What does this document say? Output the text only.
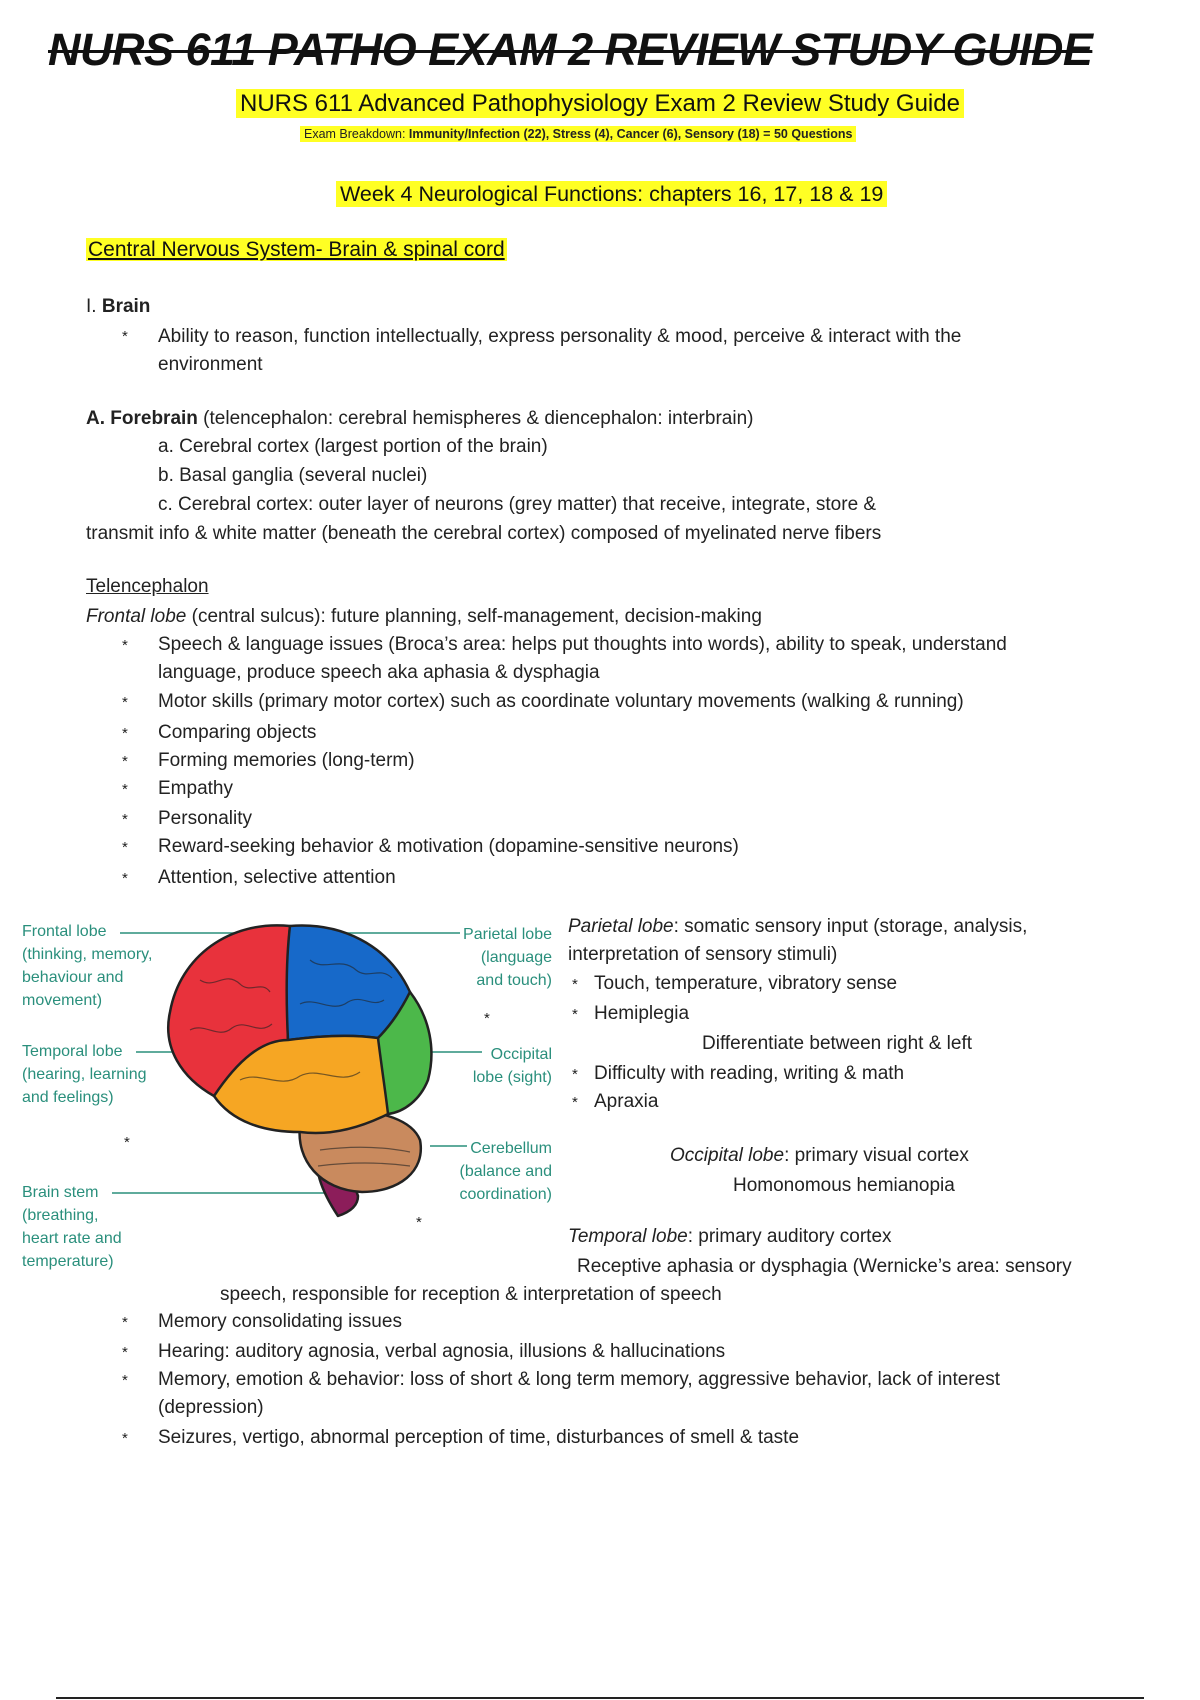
NURS 611 PATHO EXAM 2 REVIEW STUDY GUIDE
NURS 611 Advanced Pathophysiology Exam 2 Review Study Guide
Exam Breakdown: Immunity/Infection (22), Stress (4), Cancer (6), Sensory (18) = 50 Questions
Week 4 Neurological Functions: chapters 16, 17, 18 & 19
Central Nervous System- Brain & spinal cord
I. Brain
* Ability to reason, function intellectually, express personality & mood, perceive & interact with the
environment
A. Forebrain (telencephalon: cerebral hemispheres & diencephalon: interbrain)
a. Cerebral cortex (largest portion of the brain)
b. Basal ganglia (several nuclei)
c. Cerebral cortex: outer layer of neurons (grey matter) that receive, integrate, store &
transmit info & white matter (beneath the cerebral cortex) composed of myelinated nerve fibers
Telencephalon
Frontal lobe (central sulcus): future planning, self-management, decision-making
* Speech & language issues (Broca’s area: helps put thoughts into words), ability to speak, understand
language, produce speech aka aphasia & dysphagia
* Motor skills (primary motor cortex) such as coordinate voluntary movements (walking & running)
* Comparing objects
* Forming memories (long-term)
* Empathy
* Personality
* Reward-seeking behavior & motivation (dopamine-sensitive neurons)
* Attention, selective attention
Frontal lobe
(thinking, memory,
behaviour and
movement)
Temporal lobe
(hearing, learning
and feelings)
*
Brain stem
(breathing,
heart rate and
temperature)
Parietal lobe
(language
and touch)
*
Occipital
lobe (sight)
Cerebellum
(balance and
coordination)
*
Parietal lobe: somatic sensory input (storage, analysis,
interpretation of sensory stimuli)
* Touch, temperature, vibratory sense
* Hemiplegia
Differentiate between right & left
* Difficulty with reading, writing & math
* Apraxia
Occipital lobe: primary visual cortex
Homonomous hemianopia
Temporal lobe: primary auditory cortex
Receptive aphasia or dysphagia (Wernicke’s area: sensory
speech, responsible for reception & interpretation of speech
* Memory consolidating issues
* Hearing: auditory agnosia, verbal agnosia, illusions & hallucinations
* Memory, emotion & behavior: loss of short & long term memory, aggressive behavior, lack of interest
(depression)
* Seizures, vertigo, abnormal perception of time, disturbances of smell & taste
